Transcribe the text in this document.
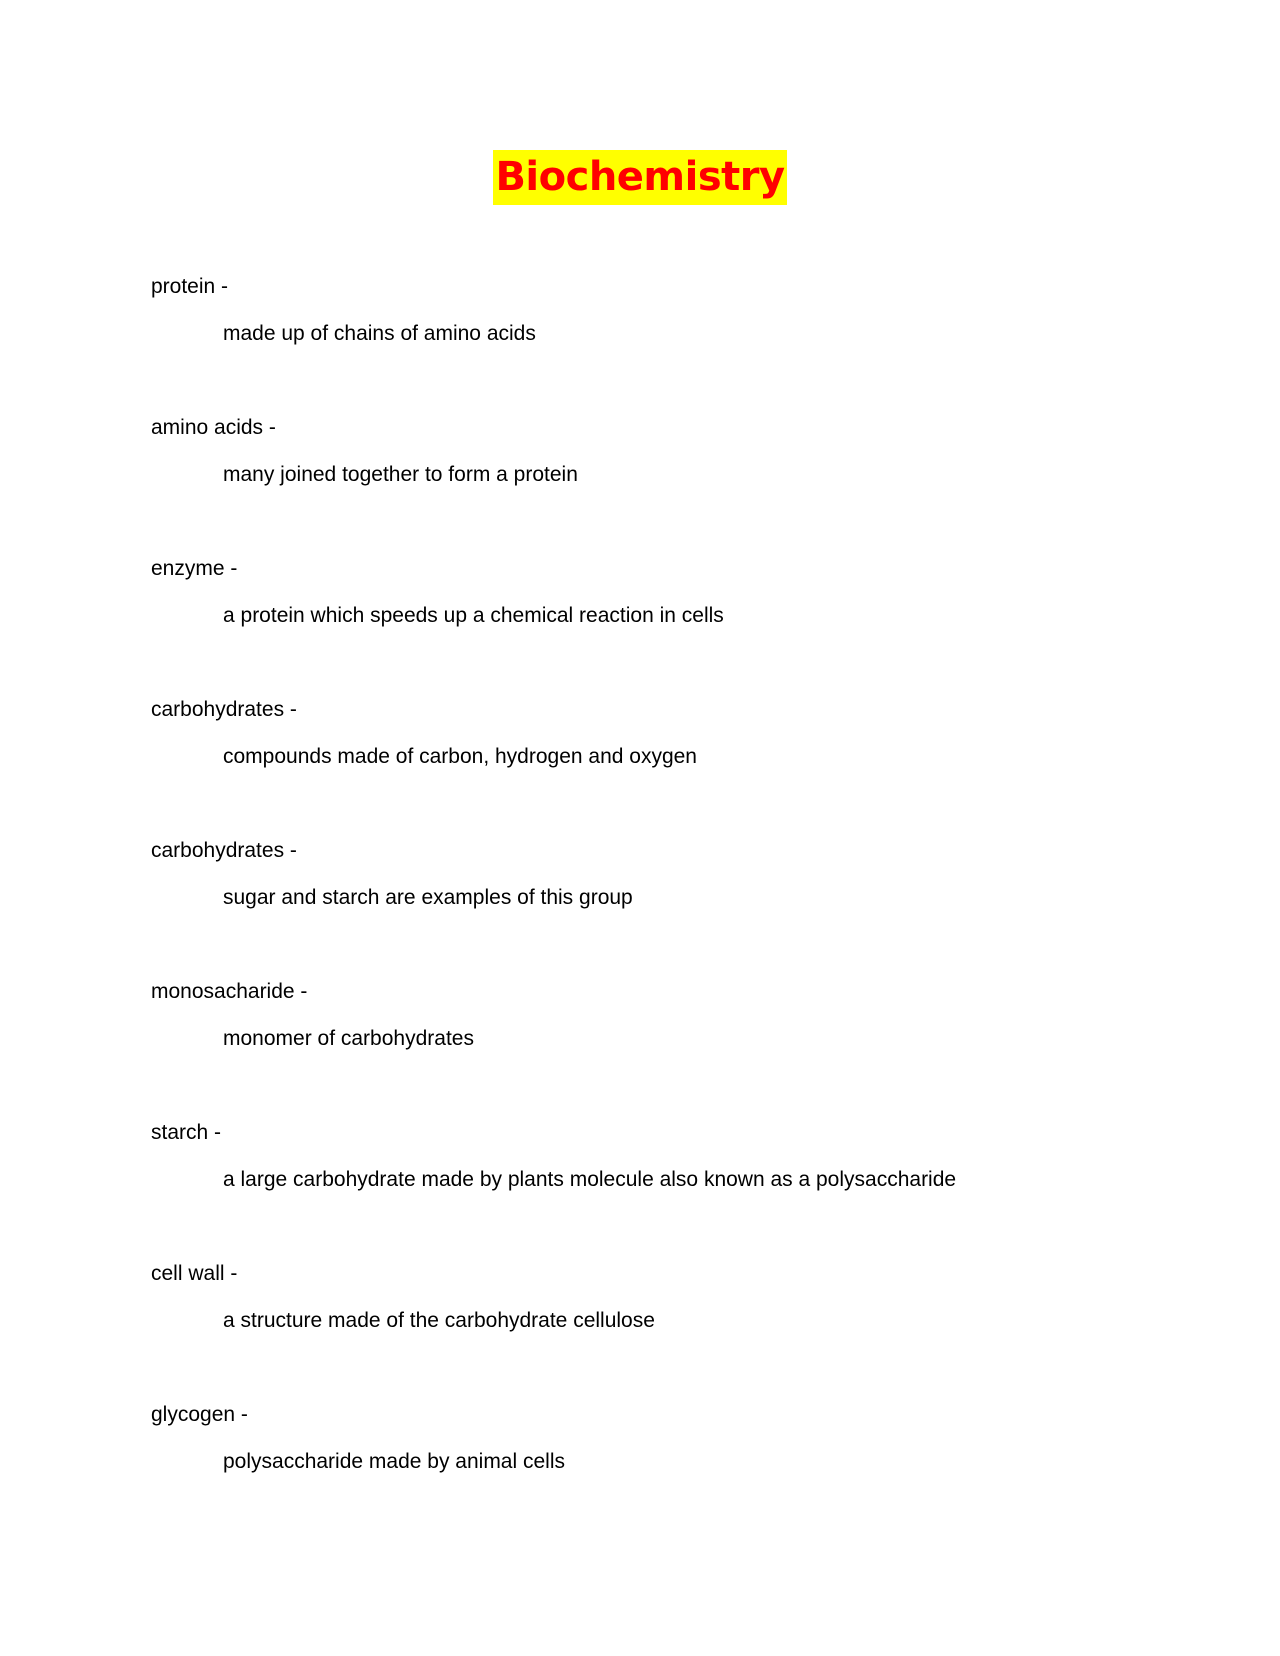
Biochemistry
protein -
made up of chains of amino acids
amino acids -
many joined together to form a protein
enzyme -
a protein which speeds up a chemical reaction in cells
carbohydrates -
compounds made of carbon, hydrogen and oxygen
carbohydrates -
sugar and starch are examples of this group
monosacharide -
monomer of carbohydrates
starch -
a large carbohydrate made by plants molecule also known as a polysaccharide
cell wall -
a structure made of the carbohydrate cellulose
glycogen -
polysaccharide made by animal cells
